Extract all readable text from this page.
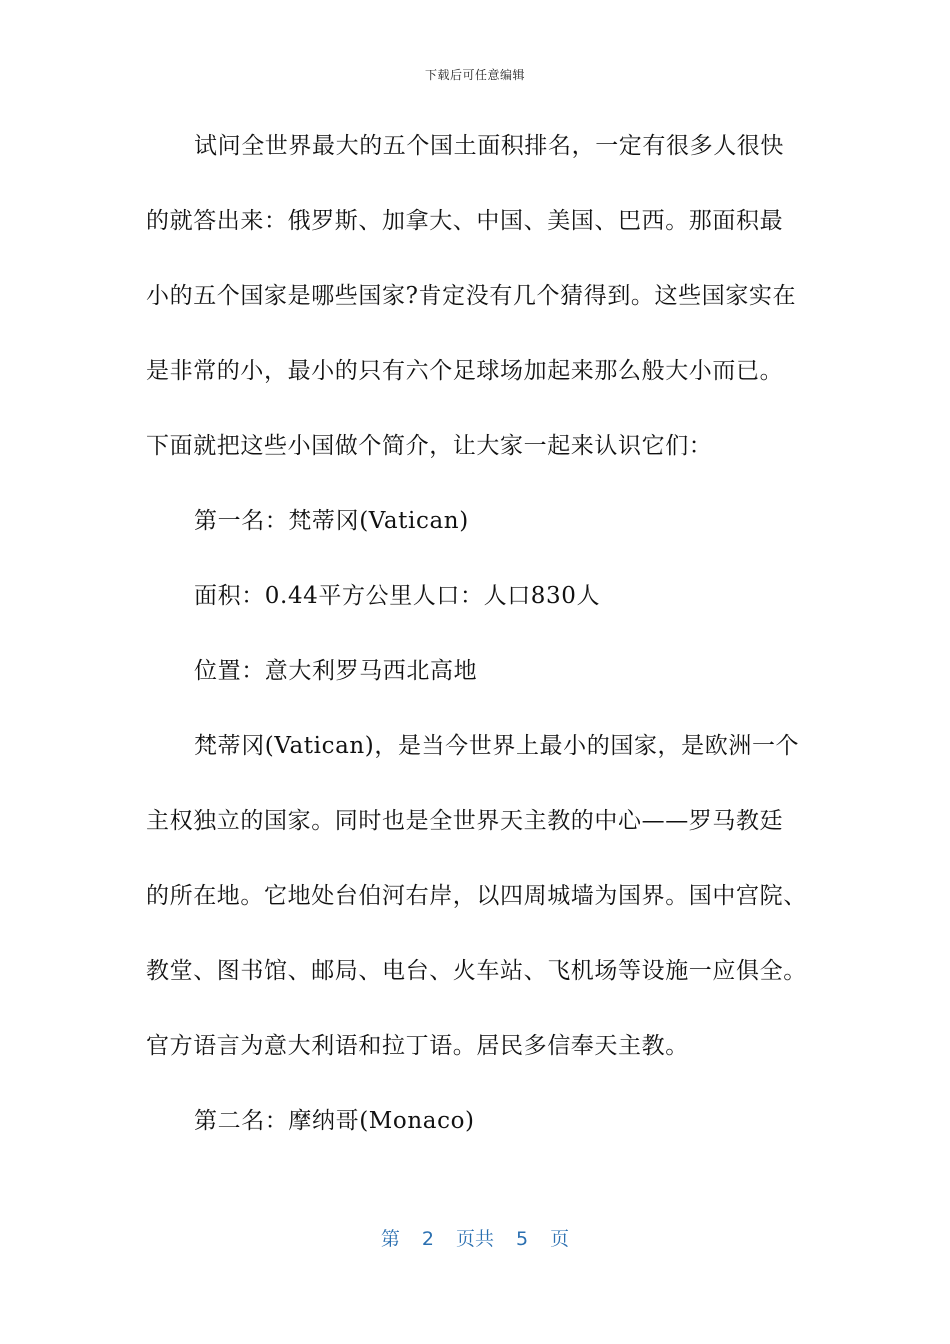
下载后可任意编辑
试问全世界最大的五个国土面积排名，一定有很多人很快
的就答出来：俄罗斯、加拿大、中国、美国、巴西。那面积最
小的五个国家是哪些国家?肯定没有几个猜得到。这些国家实在
是非常的小，最小的只有六个足球场加起来那么般大小而已。
下面就把这些小国做个简介，让大家一起来认识它们：
第一名：梵蒂冈(Vatican)
面积：0.44平方公里人口：人口830人
位置：意大利罗马西北高地
梵蒂冈(Vatican)，是当今世界上最小的国家，是欧洲一个
主权独立的国家。同时也是全世界天主教的中心——罗马教廷
的所在地。它地处台伯河右岸，以四周城墙为国界。国中宫院、
教堂、图书馆、邮局、电台、火车站、飞机场等设施一应俱全。
官方语言为意大利语和拉丁语。居民多信奉天主教。
第二名：摩纳哥(Monaco)
第 2 页共 5 页
